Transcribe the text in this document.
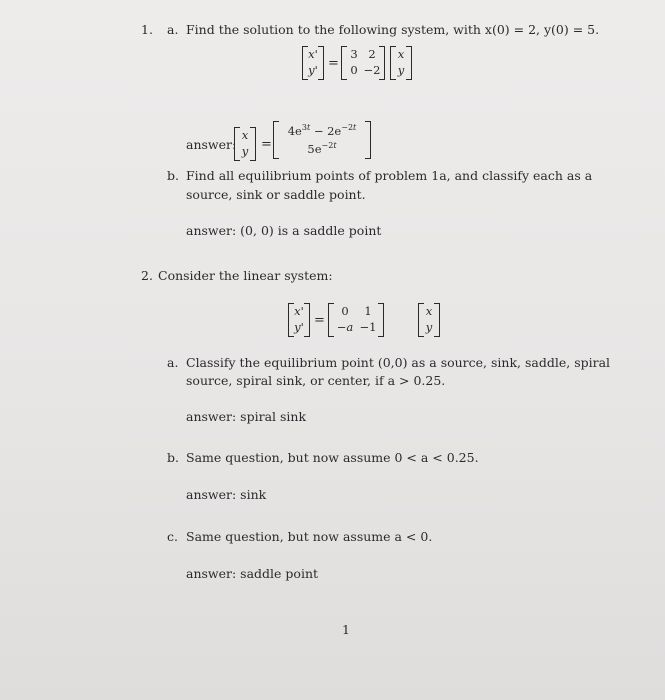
1. a. Find the solution to the following system, with x(0) = 2, y(0) = 5.
x'
y' =
3 2
0 −2
x
y
answer:
x
y =
$4e^{3t} - 2e^{-2t}$
$5e^{-2t}$
b. Find all equilibrium points of problem 1a, and classify each as a
source, sink or saddle point.
answer: (0, 0) is a saddle point
2. Consider the linear system:
x'
y' =
0	1
−a −1
x
y
a. Classify the equilibrium point (0,0) as a source, sink, saddle, spiral
source, spiral sink, or center, if a > 0.25.
answer: spiral sink
b. Same question, but now assume 0 < a < 0.25.
answer: sink
c. Same question, but now assume a < 0.
answer: saddle point
1
